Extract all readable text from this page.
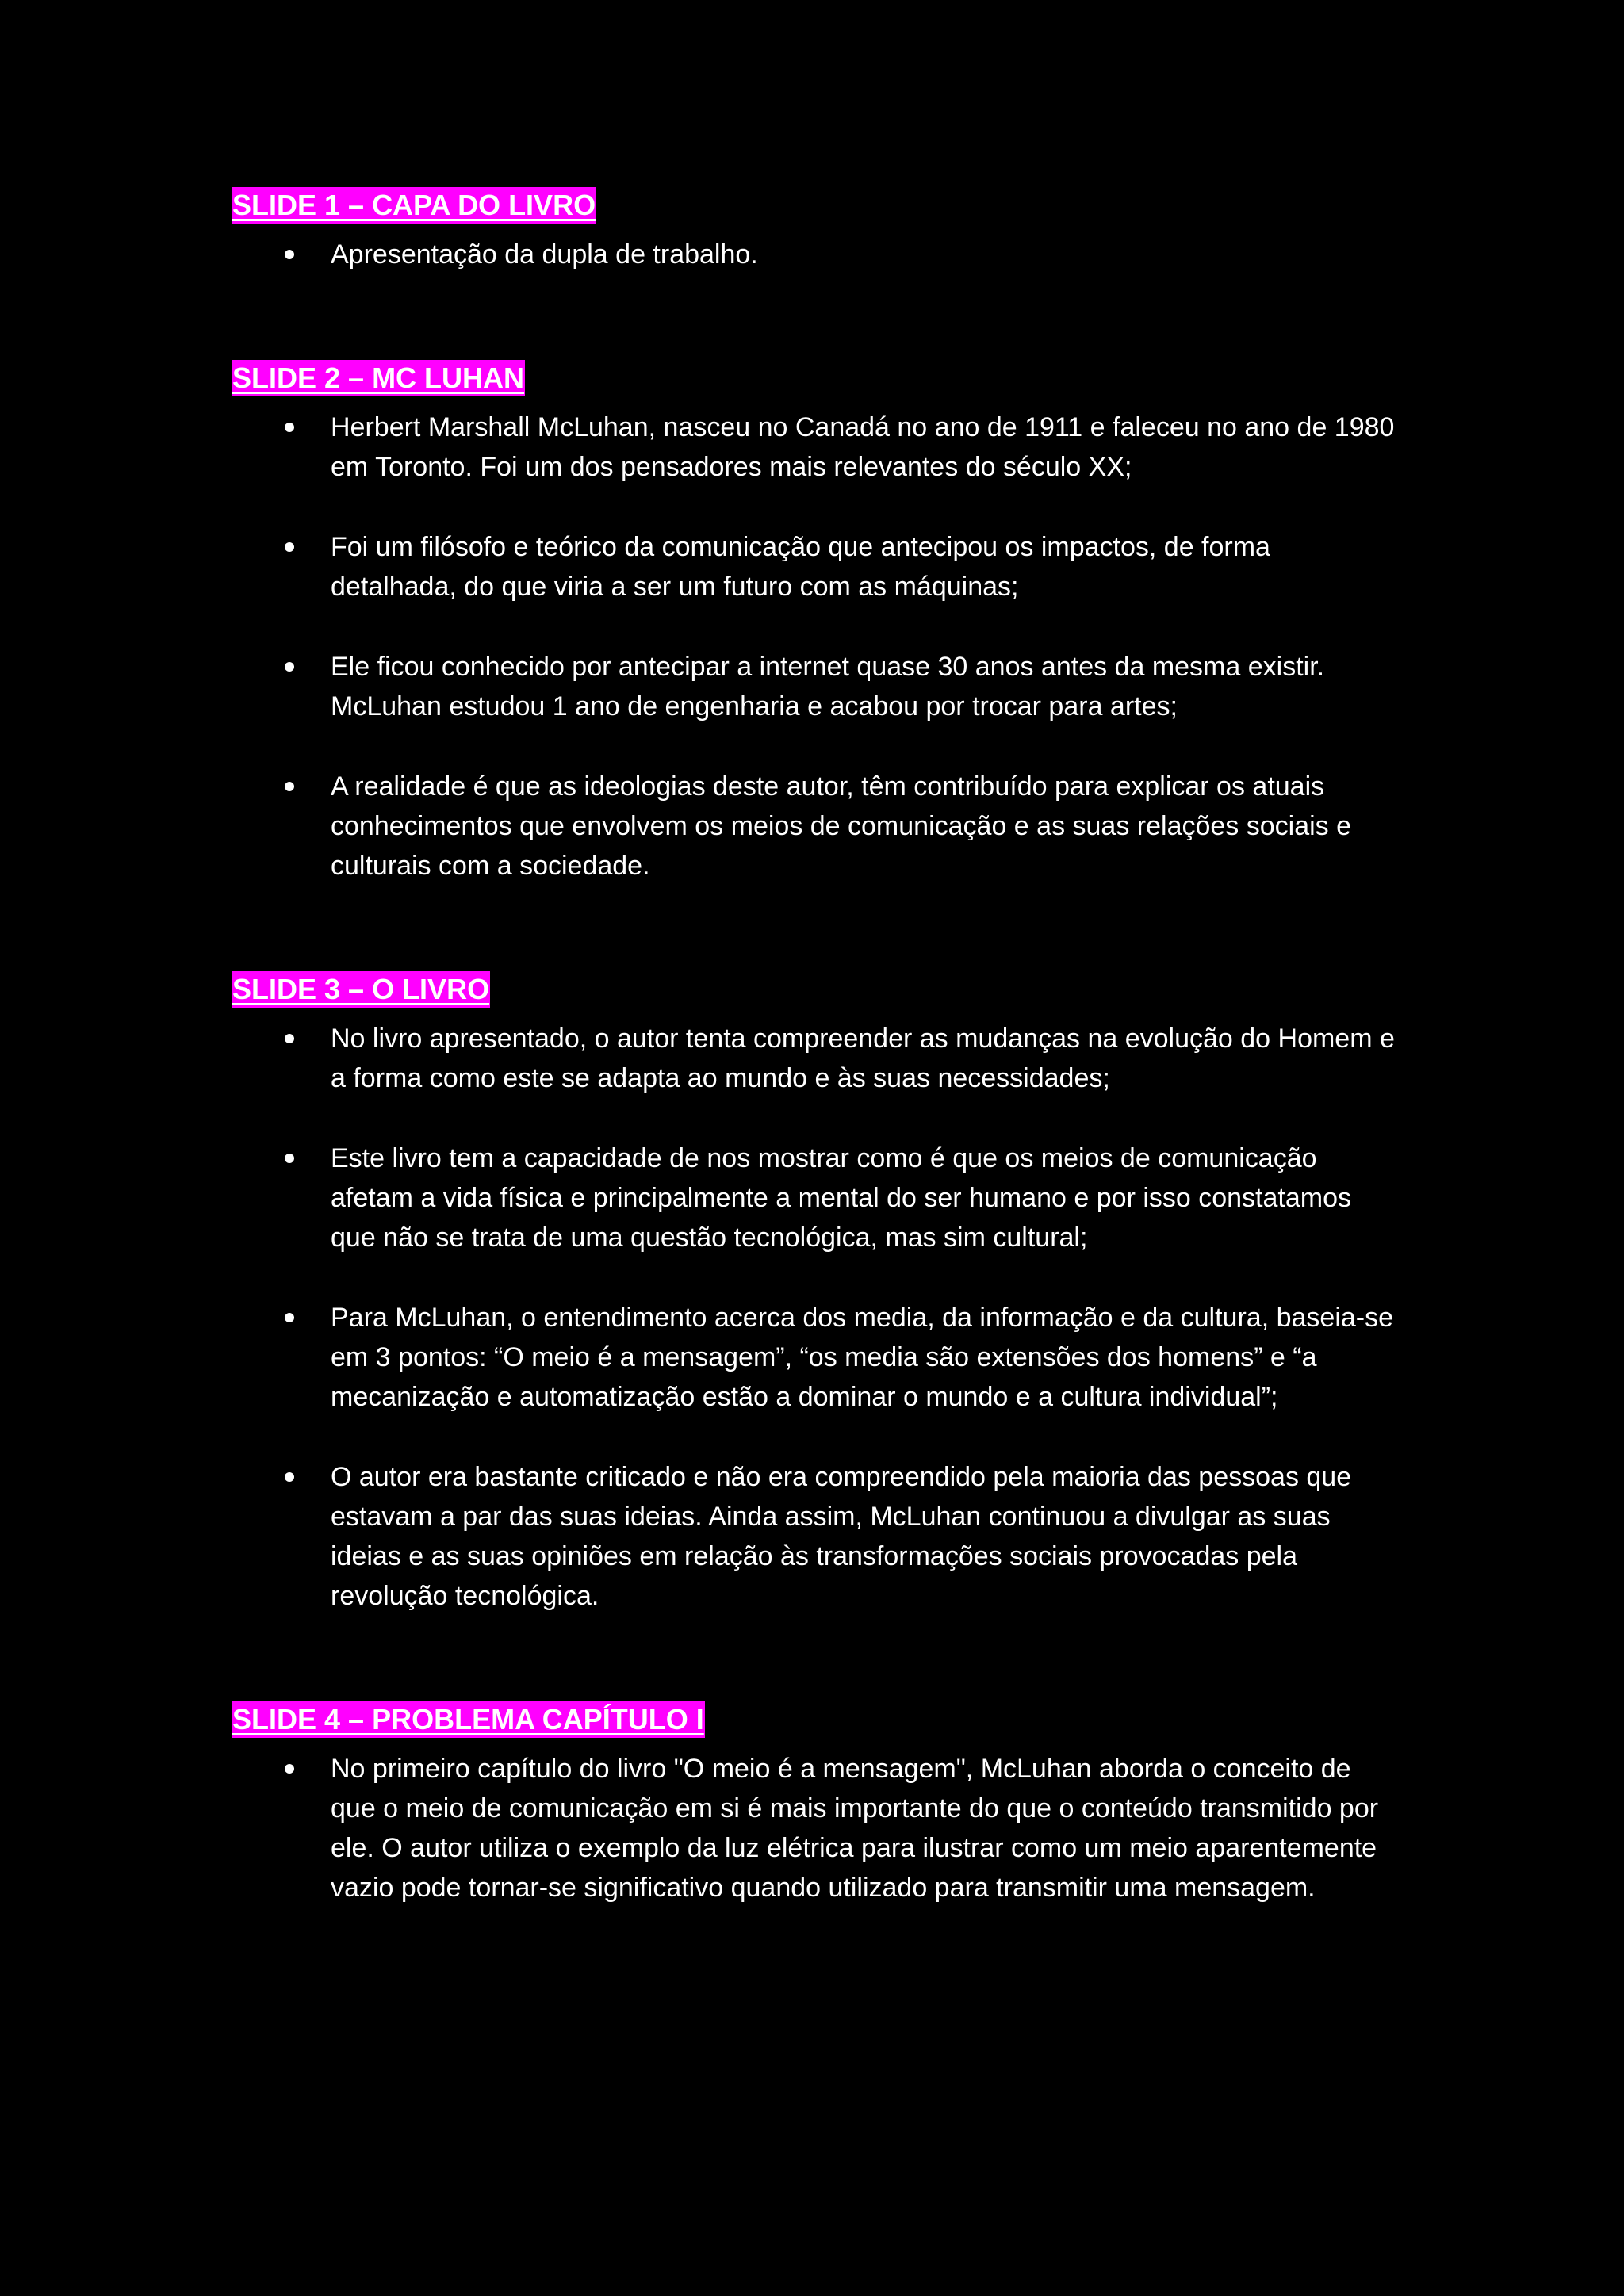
SLIDE 1 – CAPA DO LIVRO
Apresentação da dupla de trabalho.
SLIDE 2 – MC LUHAN
Herbert Marshall McLuhan, nasceu no Canadá no ano de 1911 e faleceu no ano de 1980 em Toronto. Foi um dos pensadores mais relevantes do século XX;
Foi um filósofo e teórico da comunicação que antecipou os impactos, de forma detalhada, do que viria a ser um futuro com as máquinas;
Ele ficou conhecido por antecipar a internet quase 30 anos antes da mesma existir. McLuhan estudou 1 ano de engenharia e acabou por trocar para artes;
A realidade é que as ideologias deste autor, têm contribuído para explicar os atuais conhecimentos que envolvem os meios de comunicação e as suas relações sociais e culturais com a sociedade.
SLIDE 3 – O LIVRO
No livro apresentado, o autor tenta compreender as mudanças na evolução do Homem e a forma como este se adapta ao mundo e às suas necessidades;
Este livro tem a capacidade de nos mostrar como é que os meios de comunicação afetam a vida física e principalmente a mental do ser humano e por isso constatamos que não se trata de uma questão tecnológica, mas sim cultural;
Para McLuhan, o entendimento acerca dos media, da informação e da cultura, baseia-se em 3 pontos: “O meio é a mensagem”, “os media são extensões dos homens” e “a mecanização e automatização estão a dominar o mundo e a cultura individual”;
O autor era bastante criticado e não era compreendido pela maioria das pessoas que estavam a par das suas ideias. Ainda assim, McLuhan continuou a divulgar as suas ideias e as suas opiniões em relação às transformações sociais provocadas pela revolução tecnológica.
SLIDE 4 – PROBLEMA CAPÍTULO I
No primeiro capítulo do livro "O meio é a mensagem", McLuhan aborda o conceito de que o meio de comunicação em si é mais importante do que o conteúdo transmitido por ele. O autor utiliza o exemplo da luz elétrica para ilustrar como um meio aparentemente vazio pode tornar-se significativo quando utilizado para transmitir uma mensagem.
